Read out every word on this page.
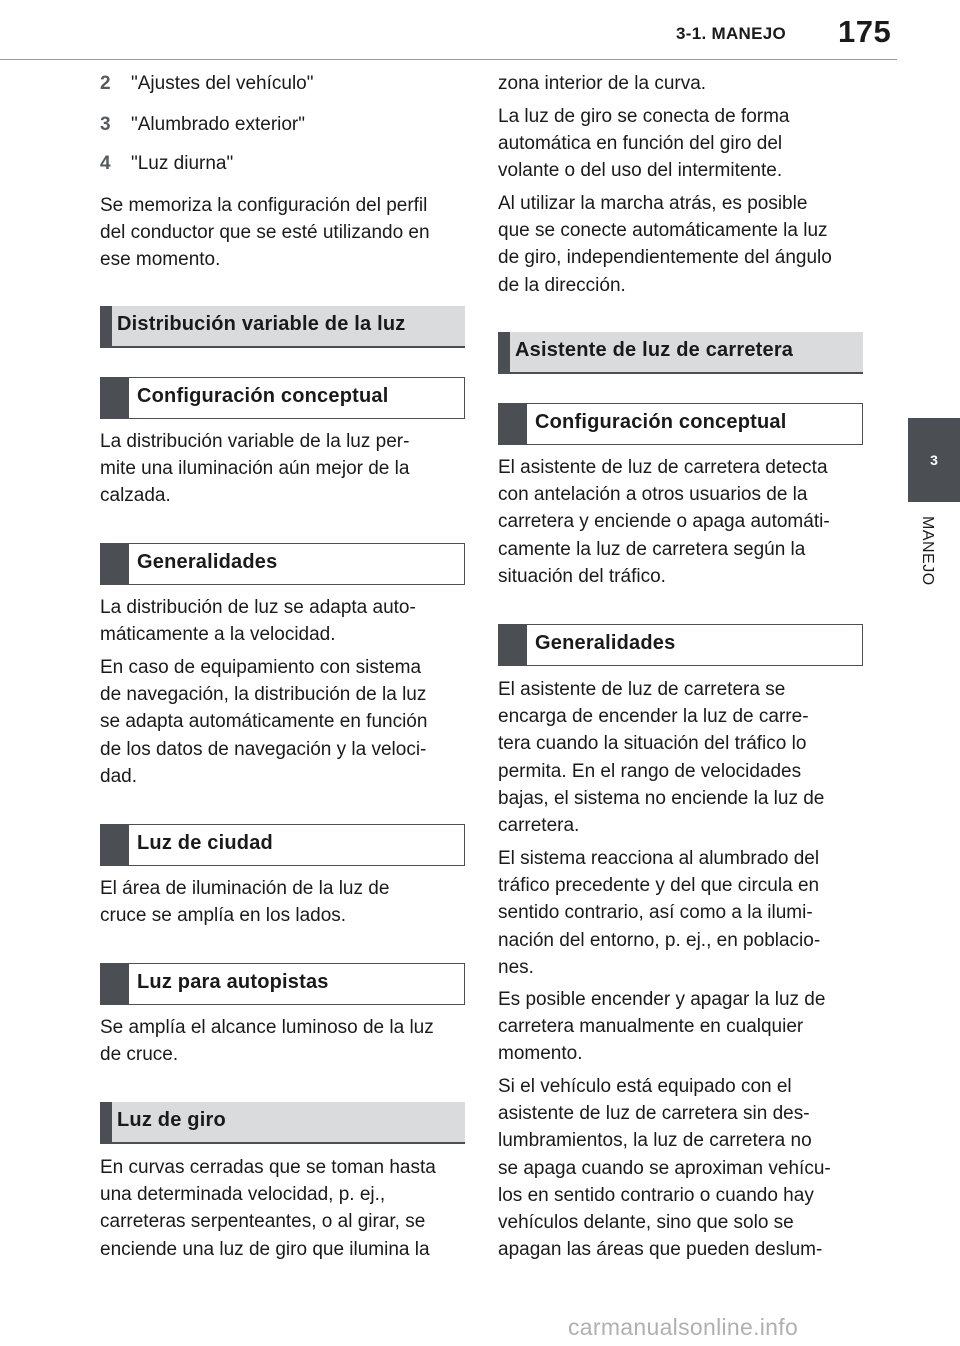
3-1. MANEJO 175
3
MANEJO
2 "Ajustes del vehículo"
3 "Alumbrado exterior"
4 "Luz diurna"

Se memoriza la configuración del perfil
del conductor que se esté utilizando en
ese momento.

Distribución variable de la luz
Configuración conceptual

La distribución variable de la luz per-
mite una iluminación aún mejor de la
calzada.

Generalidades

La distribución de luz se adapta auto-
máticamente a la velocidad.

En caso de equipamiento con sistema
de navegación, la distribución de la luz
se adapta automáticamente en función
de los datos de navegación y la veloci-
dad.

Luz de ciudad

El área de iluminación de la luz de
cruce se amplía en los lados.

Luz para autopistas

Se amplía el alcance luminoso de la luz
de cruce.

Luz de giro

En curvas cerradas que se toman hasta
una determinada velocidad, p. ej.,
carreteras serpenteantes, o al girar, se
enciende una luz de giro que ilumina la

zona interior de la curva.

La luz de giro se conecta de forma
automática en función del giro del
volante o del uso del intermitente.

Al utilizar la marcha atrás, es posible
que se conecte automáticamente la luz
de giro, independientemente del ángulo
de la dirección.

Asistente de luz de carretera
Configuración conceptual

El asistente de luz de carretera detecta
con antelación a otros usuarios de la
carretera y enciende o apaga automáti-
camente la luz de carretera según la
situación del tráfico.

Generalidades

El asistente de luz de carretera se
encarga de encender la luz de carre-
tera cuando la situación del tráfico lo
permita. En el rango de velocidades
bajas, el sistema no enciende la luz de
carretera.

El sistema reacciona al alumbrado del
tráfico precedente y del que circula en
sentido contrario, así como a la ilumi-
nación del entorno, p. ej., en poblacio-
nes.

Es posible encender y apagar la luz de
carretera manualmente en cualquier
momento.

Si el vehículo está equipado con el
asistente de luz de carretera sin des-
lumbramientos, la luz de carretera no
se apaga cuando se aproximan vehícu-
los en sentido contrario o cuando hay
vehículos delante, sino que solo se
apagan las áreas que pueden deslum-

carmanualsonline.info
